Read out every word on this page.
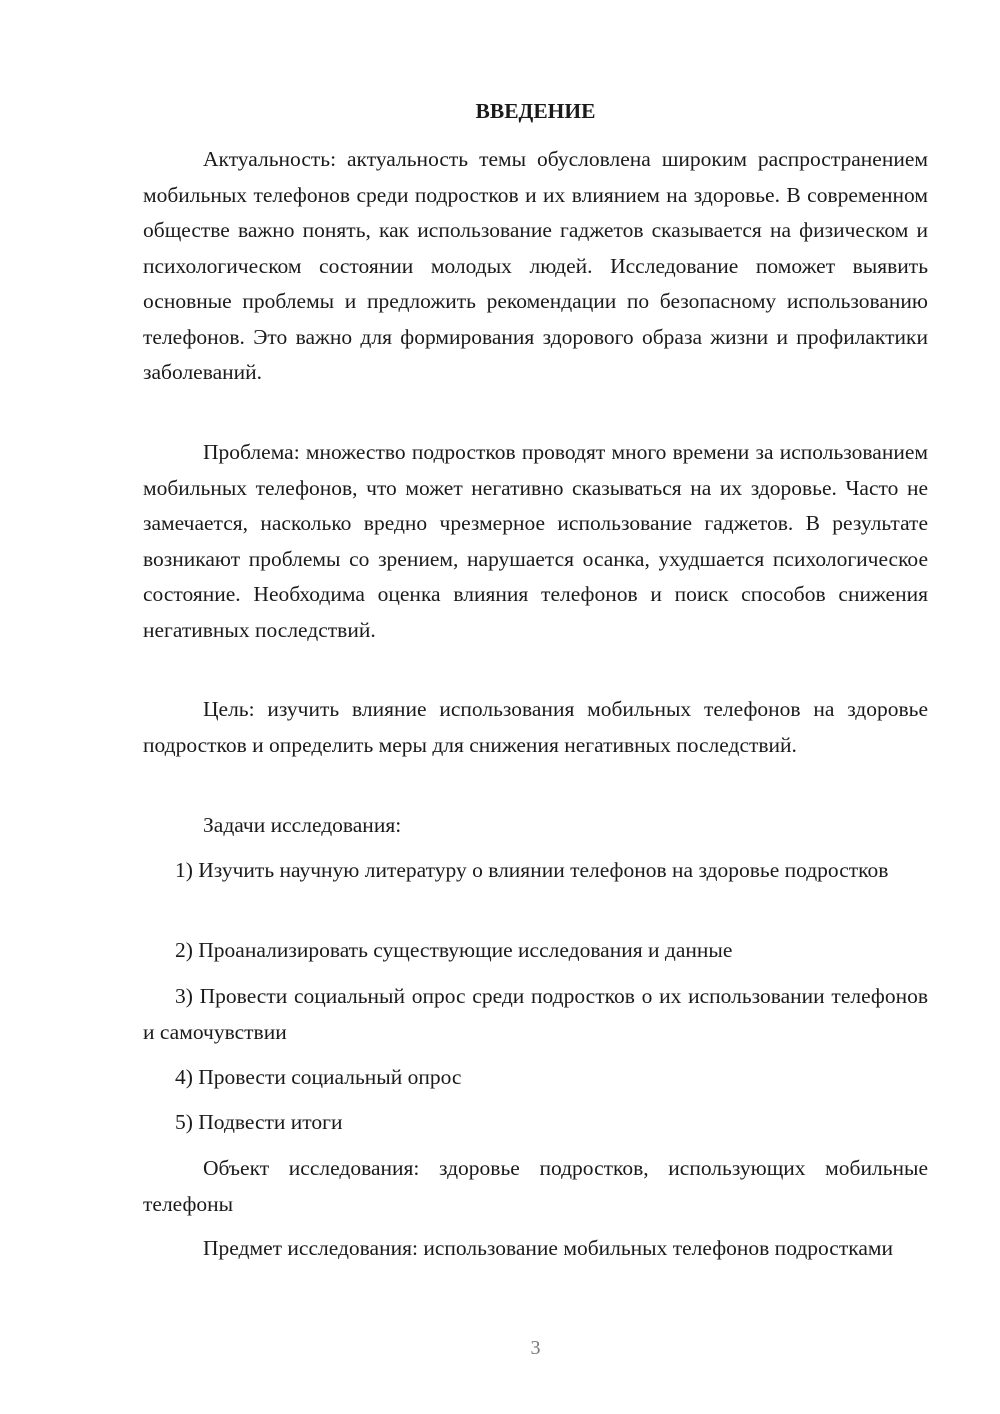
ВВЕДЕНИЕ

Актуальность: актуальность темы обусловлена широким распространением мобильных телефонов среди подростков и их влиянием на здоровье. В современном обществе важно понять, как использование гаджетов сказывается на физическом и психологическом состоянии молодых людей. Исследование поможет выявить основные проблемы и предложить рекомендации по безопасному использованию телефонов. Это важно для формирования здорового образа жизни и профилактики заболеваний.

Проблема: множество подростков проводят много времени за использованием мобильных телефонов, что может негативно сказываться на их здоровье. Часто не замечается, насколько вредно чрезмерное использование гаджетов. В результате возникают проблемы со зрением, нарушается осанка, ухудшается психологическое состояние. Необходима оценка влияния телефонов и поиск способов снижения негативных последствий.

Цель: изучить влияние использования мобильных телефонов на здоровье подростков и определить меры для снижения негативных последствий.

Задачи исследования:

1) Изучить научную литературу о влиянии телефонов на здоровье подростков

2) Проанализировать существующие исследования и данные

3) Провести социальный опрос среди подростков о их использовании телефонов и самочувствии

4) Провести социальный опрос

5) Подвести итоги

Объект исследования: здоровье подростков, использующих мобильные телефоны

Предмет исследования: использование мобильных телефонов подростками

3
